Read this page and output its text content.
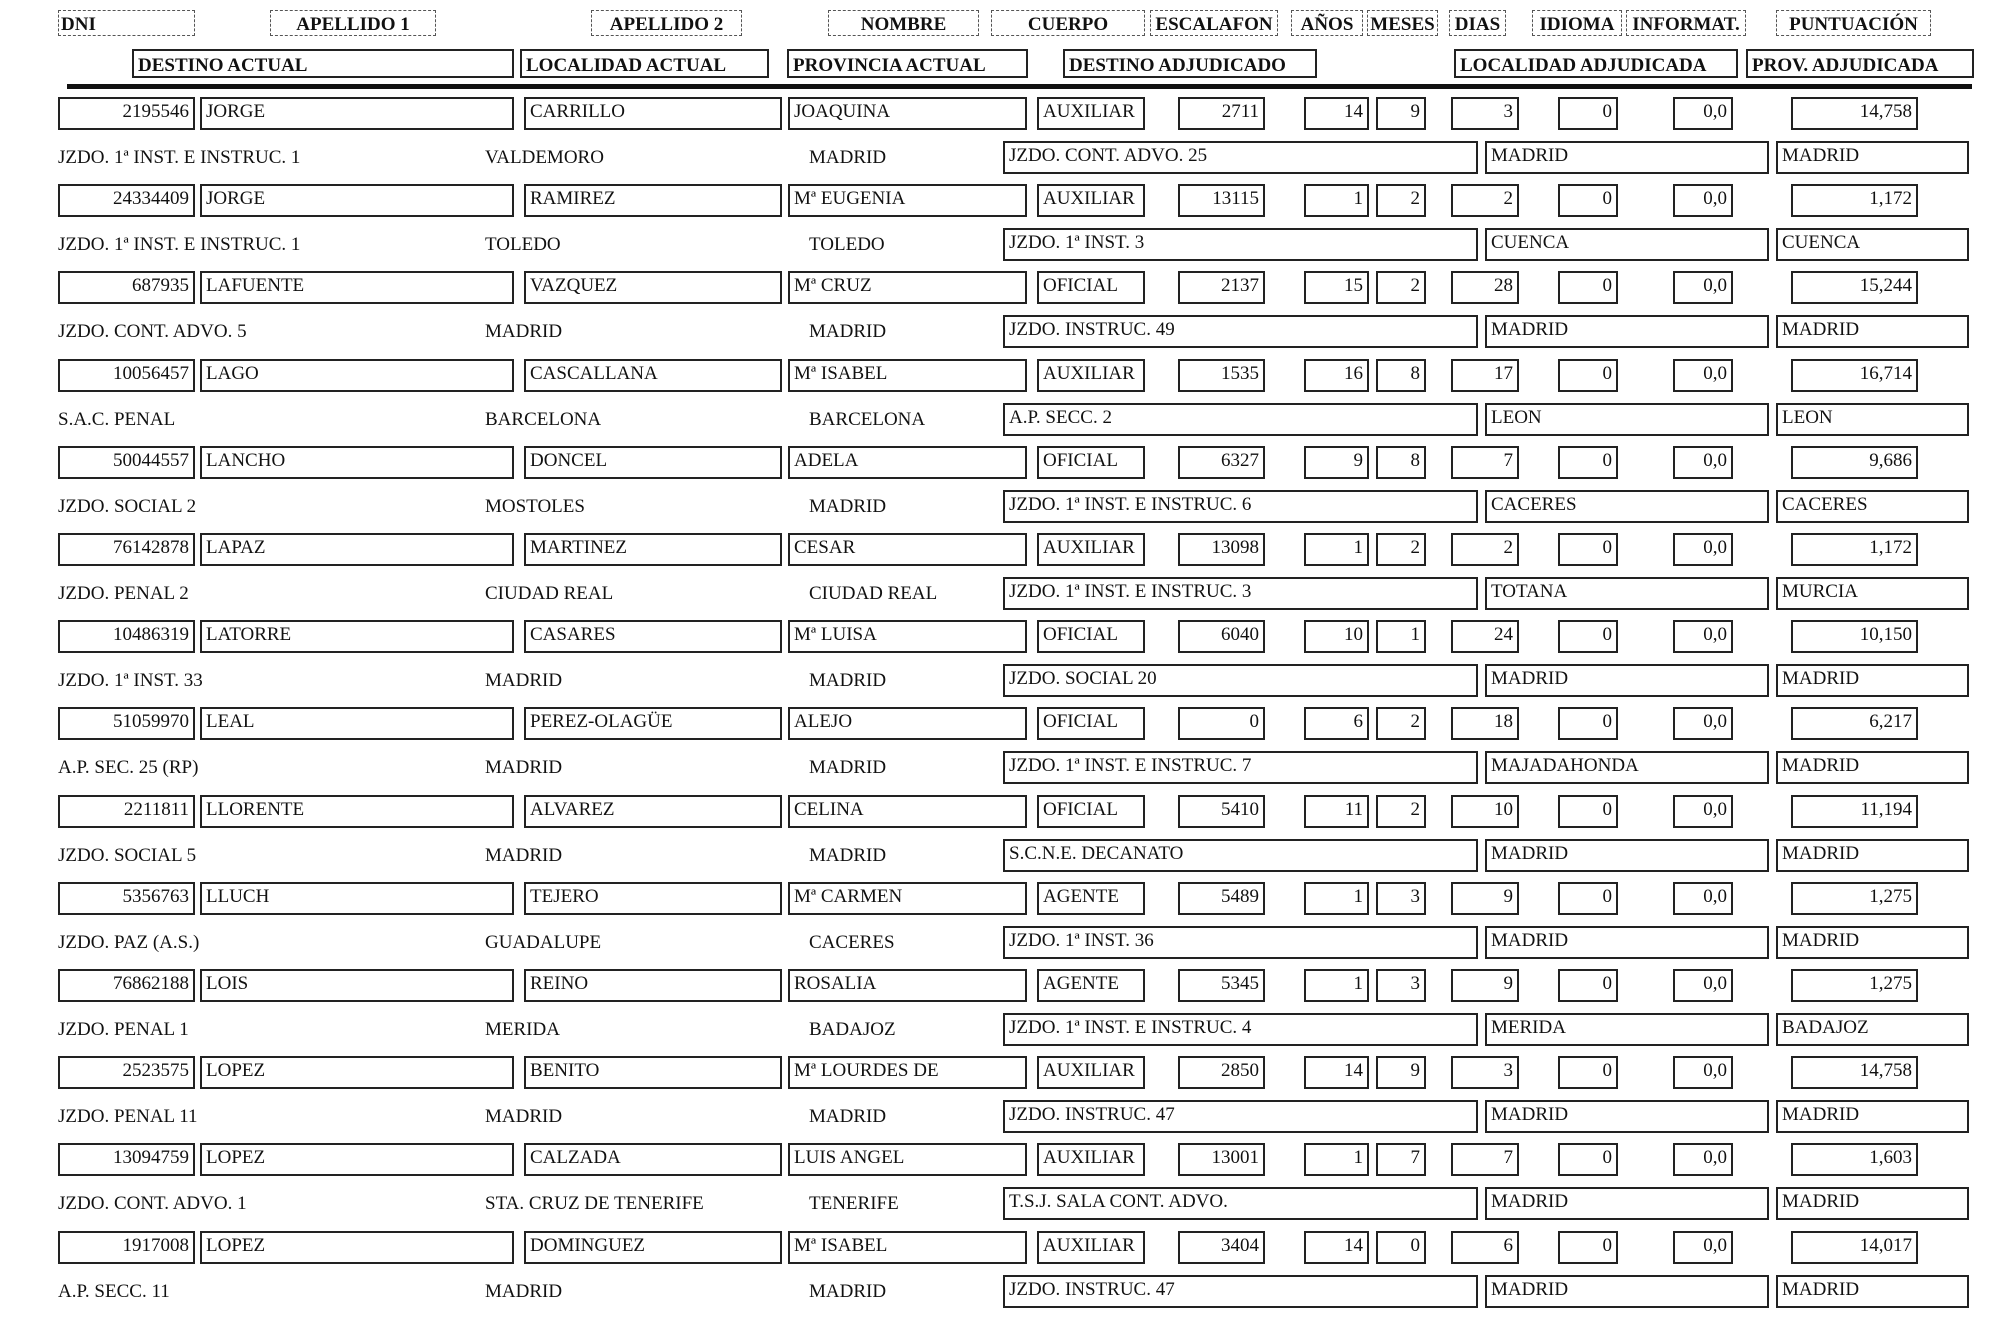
DNI	APELLIDO 1	APELLIDO 2	NOMBRE	CUERPO	ESCALAFON	AÑOS MESES	DIAS	IDIOMA INFORMAT.	PUNTUACIÓN
DESTINO ACTUAL	LOCALIDAD ACTUAL	PROVINCIA ACTUAL	DESTINO ADJUDICADO	LOCALIDAD ADJUDICADA	PROV. ADJUDICADA
2195546 JORGE	CARRILLO	JOAQUINA	AUXILIAR	2711	14	9	3	0	0,0	14,758
JZDO. 1ª INST. E INSTRUC. 1	VALDEMORO	MADRID	JZDO. CONT. ADVO. 25	MADRID	MADRID
24334409 JORGE	RAMIREZ	Mª EUGENIA	AUXILIAR	13115	1	2	2	0	0,0	1,172
JZDO. 1ª INST. E INSTRUC. 1	TOLEDO	TOLEDO	JZDO. 1ª INST. 3	CUENCA	CUENCA
687935 LAFUENTE	VAZQUEZ	Mª CRUZ	OFICIAL	2137	15	2	28	0	0,0	15,244
JZDO. CONT. ADVO. 5	MADRID	MADRID	JZDO. INSTRUC. 49	MADRID	MADRID
10056457 LAGO	CASCALLANA	Mª ISABEL	AUXILIAR	1535	16	8	17	0	0,0	16,714
S.A.C. PENAL	BARCELONA	BARCELONA	A.P. SECC. 2	LEON	LEON
50044557 LANCHO	DONCEL	ADELA	OFICIAL	6327	9	8	7	0	0,0	9,686
JZDO. SOCIAL 2	MOSTOLES	MADRID	JZDO. 1ª INST. E INSTRUC. 6	CACERES	CACERES
76142878 LAPAZ	MARTINEZ	CESAR	AUXILIAR	13098	1	2	2	0	0,0	1,172
JZDO. PENAL 2	CIUDAD REAL	CIUDAD REAL	JZDO. 1ª INST. E INSTRUC. 3	TOTANA	MURCIA
10486319 LATORRE	CASARES	Mª LUISA	OFICIAL	6040	10	1	24	0	0,0	10,150
JZDO. 1ª INST. 33	MADRID	MADRID	JZDO. SOCIAL 20	MADRID	MADRID
51059970 LEAL	PEREZ-OLAGÜE	ALEJO	OFICIAL	0	6	2	18	0	0,0	6,217
A.P. SEC. 25 (RP)	MADRID	MADRID	JZDO. 1ª INST. E INSTRUC. 7	MAJADAHONDA	MADRID
2211811 LLORENTE	ALVAREZ	CELINA	OFICIAL	5410	11	2	10	0	0,0	11,194
JZDO. SOCIAL 5	MADRID	MADRID	S.C.N.E. DECANATO	MADRID	MADRID
5356763 LLUCH	TEJERO	Mª CARMEN	AGENTE	5489	1	3	9	0	0,0	1,275
JZDO. PAZ (A.S.)	GUADALUPE	CACERES	JZDO. 1ª INST. 36	MADRID	MADRID
76862188 LOIS	REINO	ROSALIA	AGENTE	5345	1	3	9	0	0,0	1,275
JZDO. PENAL 1	MERIDA	BADAJOZ	JZDO. 1ª INST. E INSTRUC. 4	MERIDA	BADAJOZ
2523575 LOPEZ	BENITO	Mª LOURDES DE	AUXILIAR	2850	14	9	3	0	0,0	14,758
JZDO. PENAL 11	MADRID	MADRID	JZDO. INSTRUC. 47	MADRID	MADRID
13094759 LOPEZ	CALZADA	LUIS ANGEL	AUXILIAR	13001	1	7	7	0	0,0	1,603
JZDO. CONT. ADVO. 1	STA. CRUZ DE TENERIFE	TENERIFE	T.S.J. SALA CONT. ADVO.	MADRID	MADRID
1917008 LOPEZ	DOMINGUEZ	Mª ISABEL	AUXILIAR	3404	14	0	6	0	0,0	14,017
A.P. SECC. 11	MADRID	MADRID	JZDO. INSTRUC. 47	MADRID	MADRID
